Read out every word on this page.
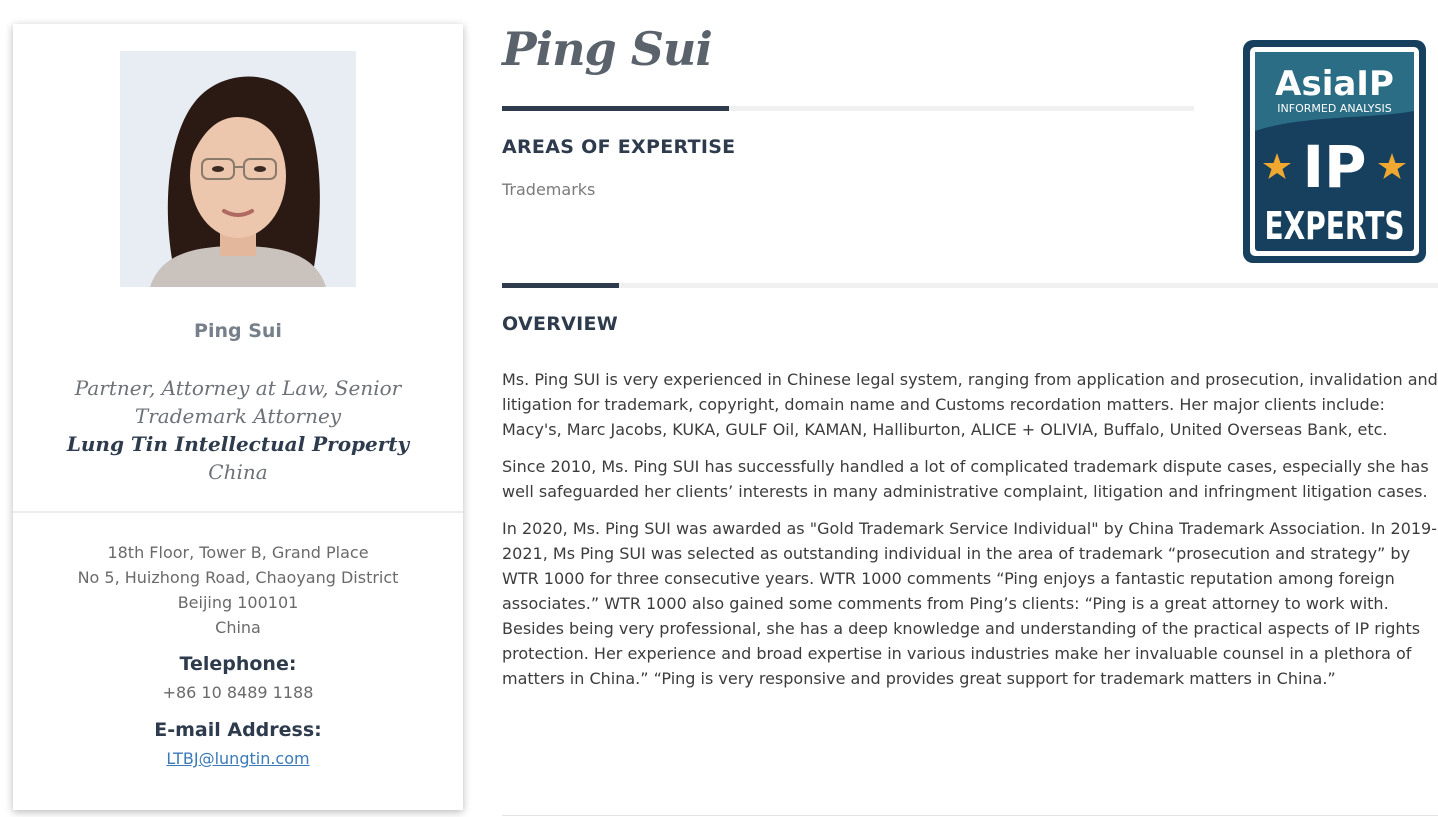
Ping Sui
Partner, Attorney at Law, Senior Trademark Attorney
Lung Tin Intellectual Property
China
18th Floor, Tower B, Grand Place
No 5, Huizhong Road, Chaoyang District
Beijing 100101
China
Telephone:
+86 10 8489 1188
E-mail Address:
LTBJ@lungtin.com
Ping Sui
AREAS OF EXPERTISE
Trademarks
OVERVIEW

Ms. Ping SUI is very experienced in Chinese legal system, ranging from application and prosecution, invalidation and litigation for trademark, copyright, domain name and Customs recordation matters. Her major clients include: Macy's, Marc Jacobs, KUKA, GULF Oil, KAMAN, Halliburton, ALICE + OLIVIA, Buffalo, United Overseas Bank, etc.

Since 2010, Ms. Ping SUI has successfully handled a lot of complicated trademark dispute cases, especially she has well safeguarded her clients’ interests in many administrative complaint, litigation and infringment litigation cases.

In 2020, Ms. Ping SUI was awarded as "Gold Trademark Service Individual" by China Trademark Association. In 2019-2021, Ms Ping SUI was selected as outstanding individual in the area of trademark “prosecution and strategy” by WTR 1000 for three consecutive years. WTR 1000 comments “Ping enjoys a fantastic reputation among foreign associates.” WTR 1000 also gained some comments from Ping’s clients: “Ping is a great attorney to work with. Besides being very professional, she has a deep knowledge and understanding of the practical aspects of IP rights protection. Her experience and broad expertise in various industries make her invaluable counsel in a plethora of matters in China.” “Ping is very responsive and provides great support for trademark matters in China.”

AsiaIP
INFORMED ANALYSIS
IP
EXPERTS
